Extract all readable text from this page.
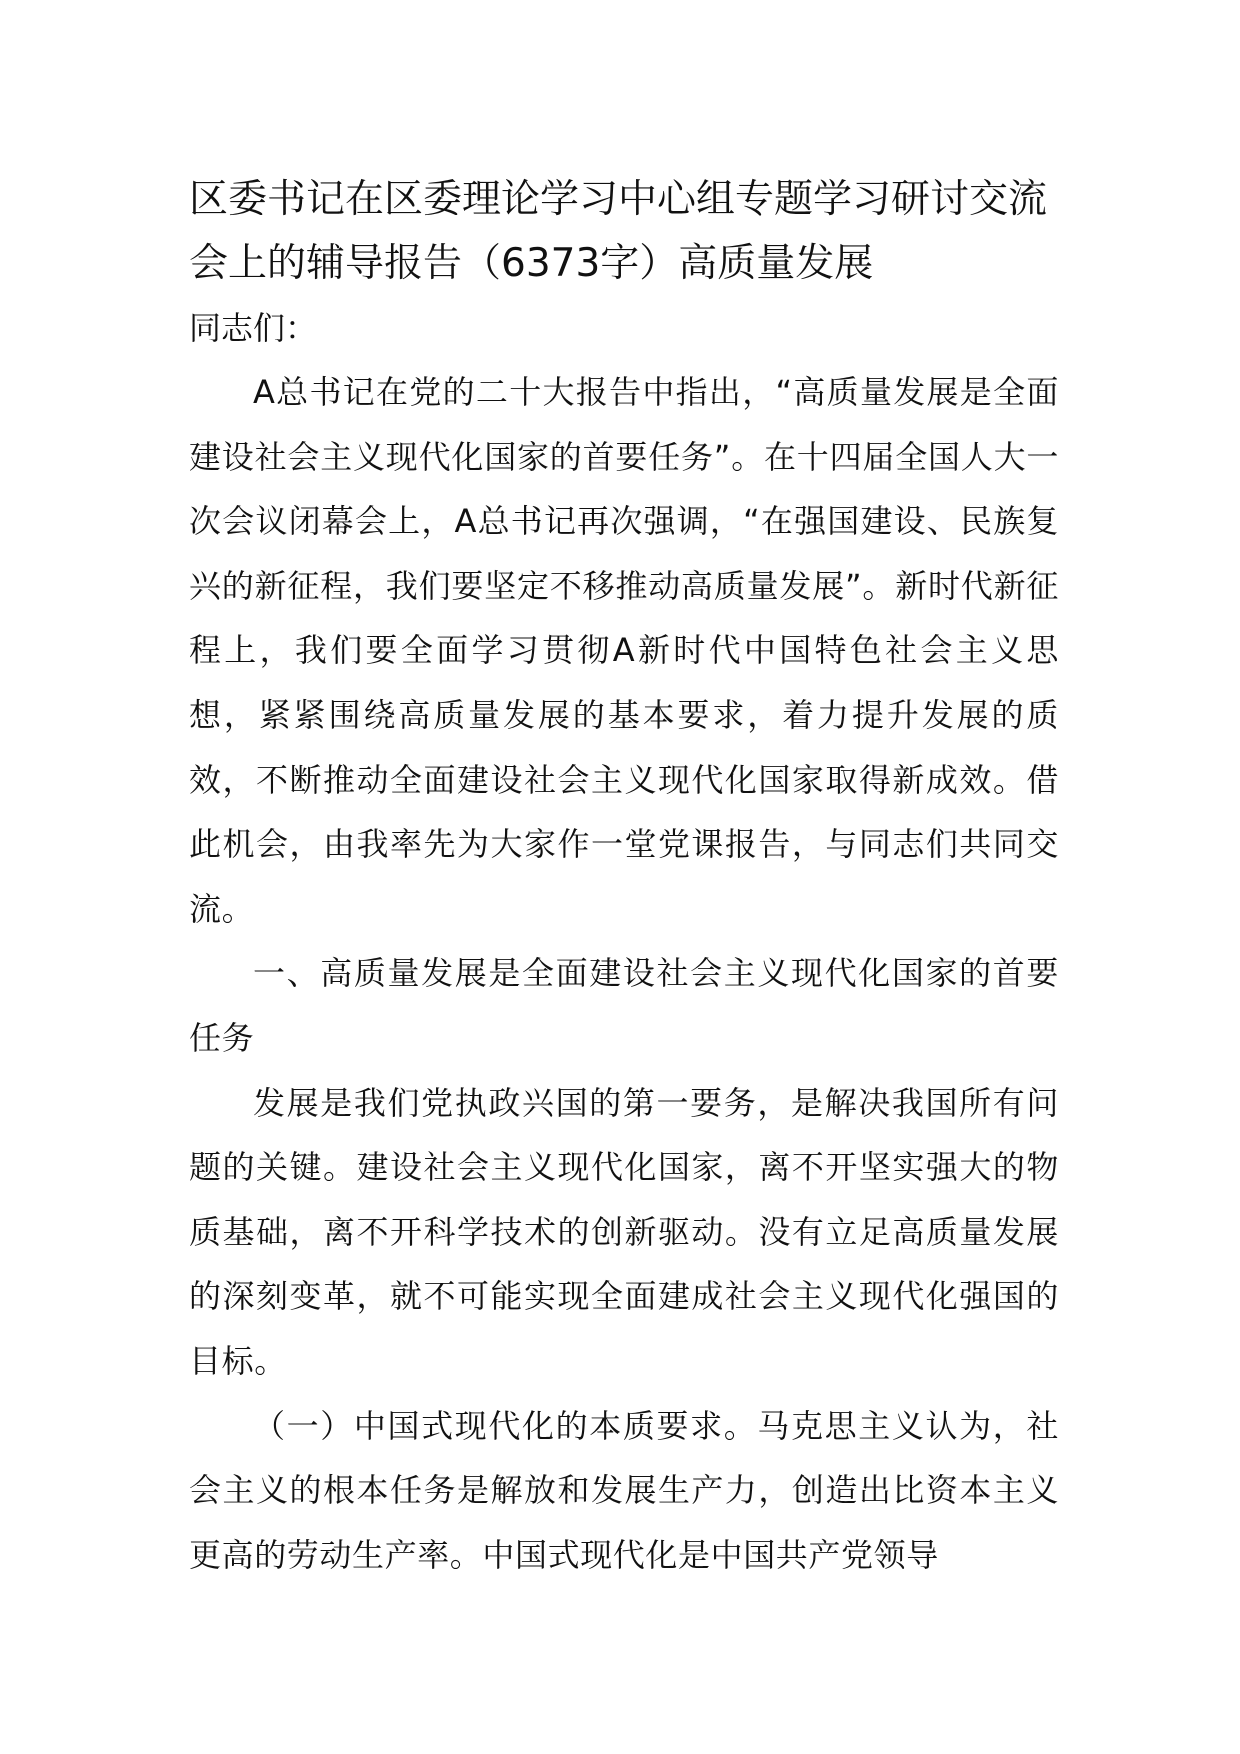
区委书记在区委理论学习中心组专题学习研讨交流会上的辅导报告（6373字）高质量发展

同志们：

A总书记在党的二十大报告中指出，“高质量发展是全面建设社会主义现代化国家的首要任务”。在十四届全国人大一次会议闭幕会上，A总书记再次强调，“在强国建设、民族复兴的新征程，我们要坚定不移推动高质量发展”。新时代新征程上，我们要全面学习贯彻A新时代中国特色社会主义思想，紧紧围绕高质量发展的基本要求，着力提升发展的质效，不断推动全面建设社会主义现代化国家取得新成效。借此机会，由我率先为大家作一堂党课报告，与同志们共同交流。

一、高质量发展是全面建设社会主义现代化国家的首要任务

发展是我们党执政兴国的第一要务，是解决我国所有问题的关键。建设社会主义现代化国家，离不开坚实强大的物质基础，离不开科学技术的创新驱动。没有立足高质量发展的深刻变革，就不可能实现全面建成社会主义现代化强国的目标。

（一）中国式现代化的本质要求。马克思主义认为，社会主义的根本任务是解放和发展生产力，创造出比资本主义更高的劳动生产率。中国式现代化是中国共产党领导
